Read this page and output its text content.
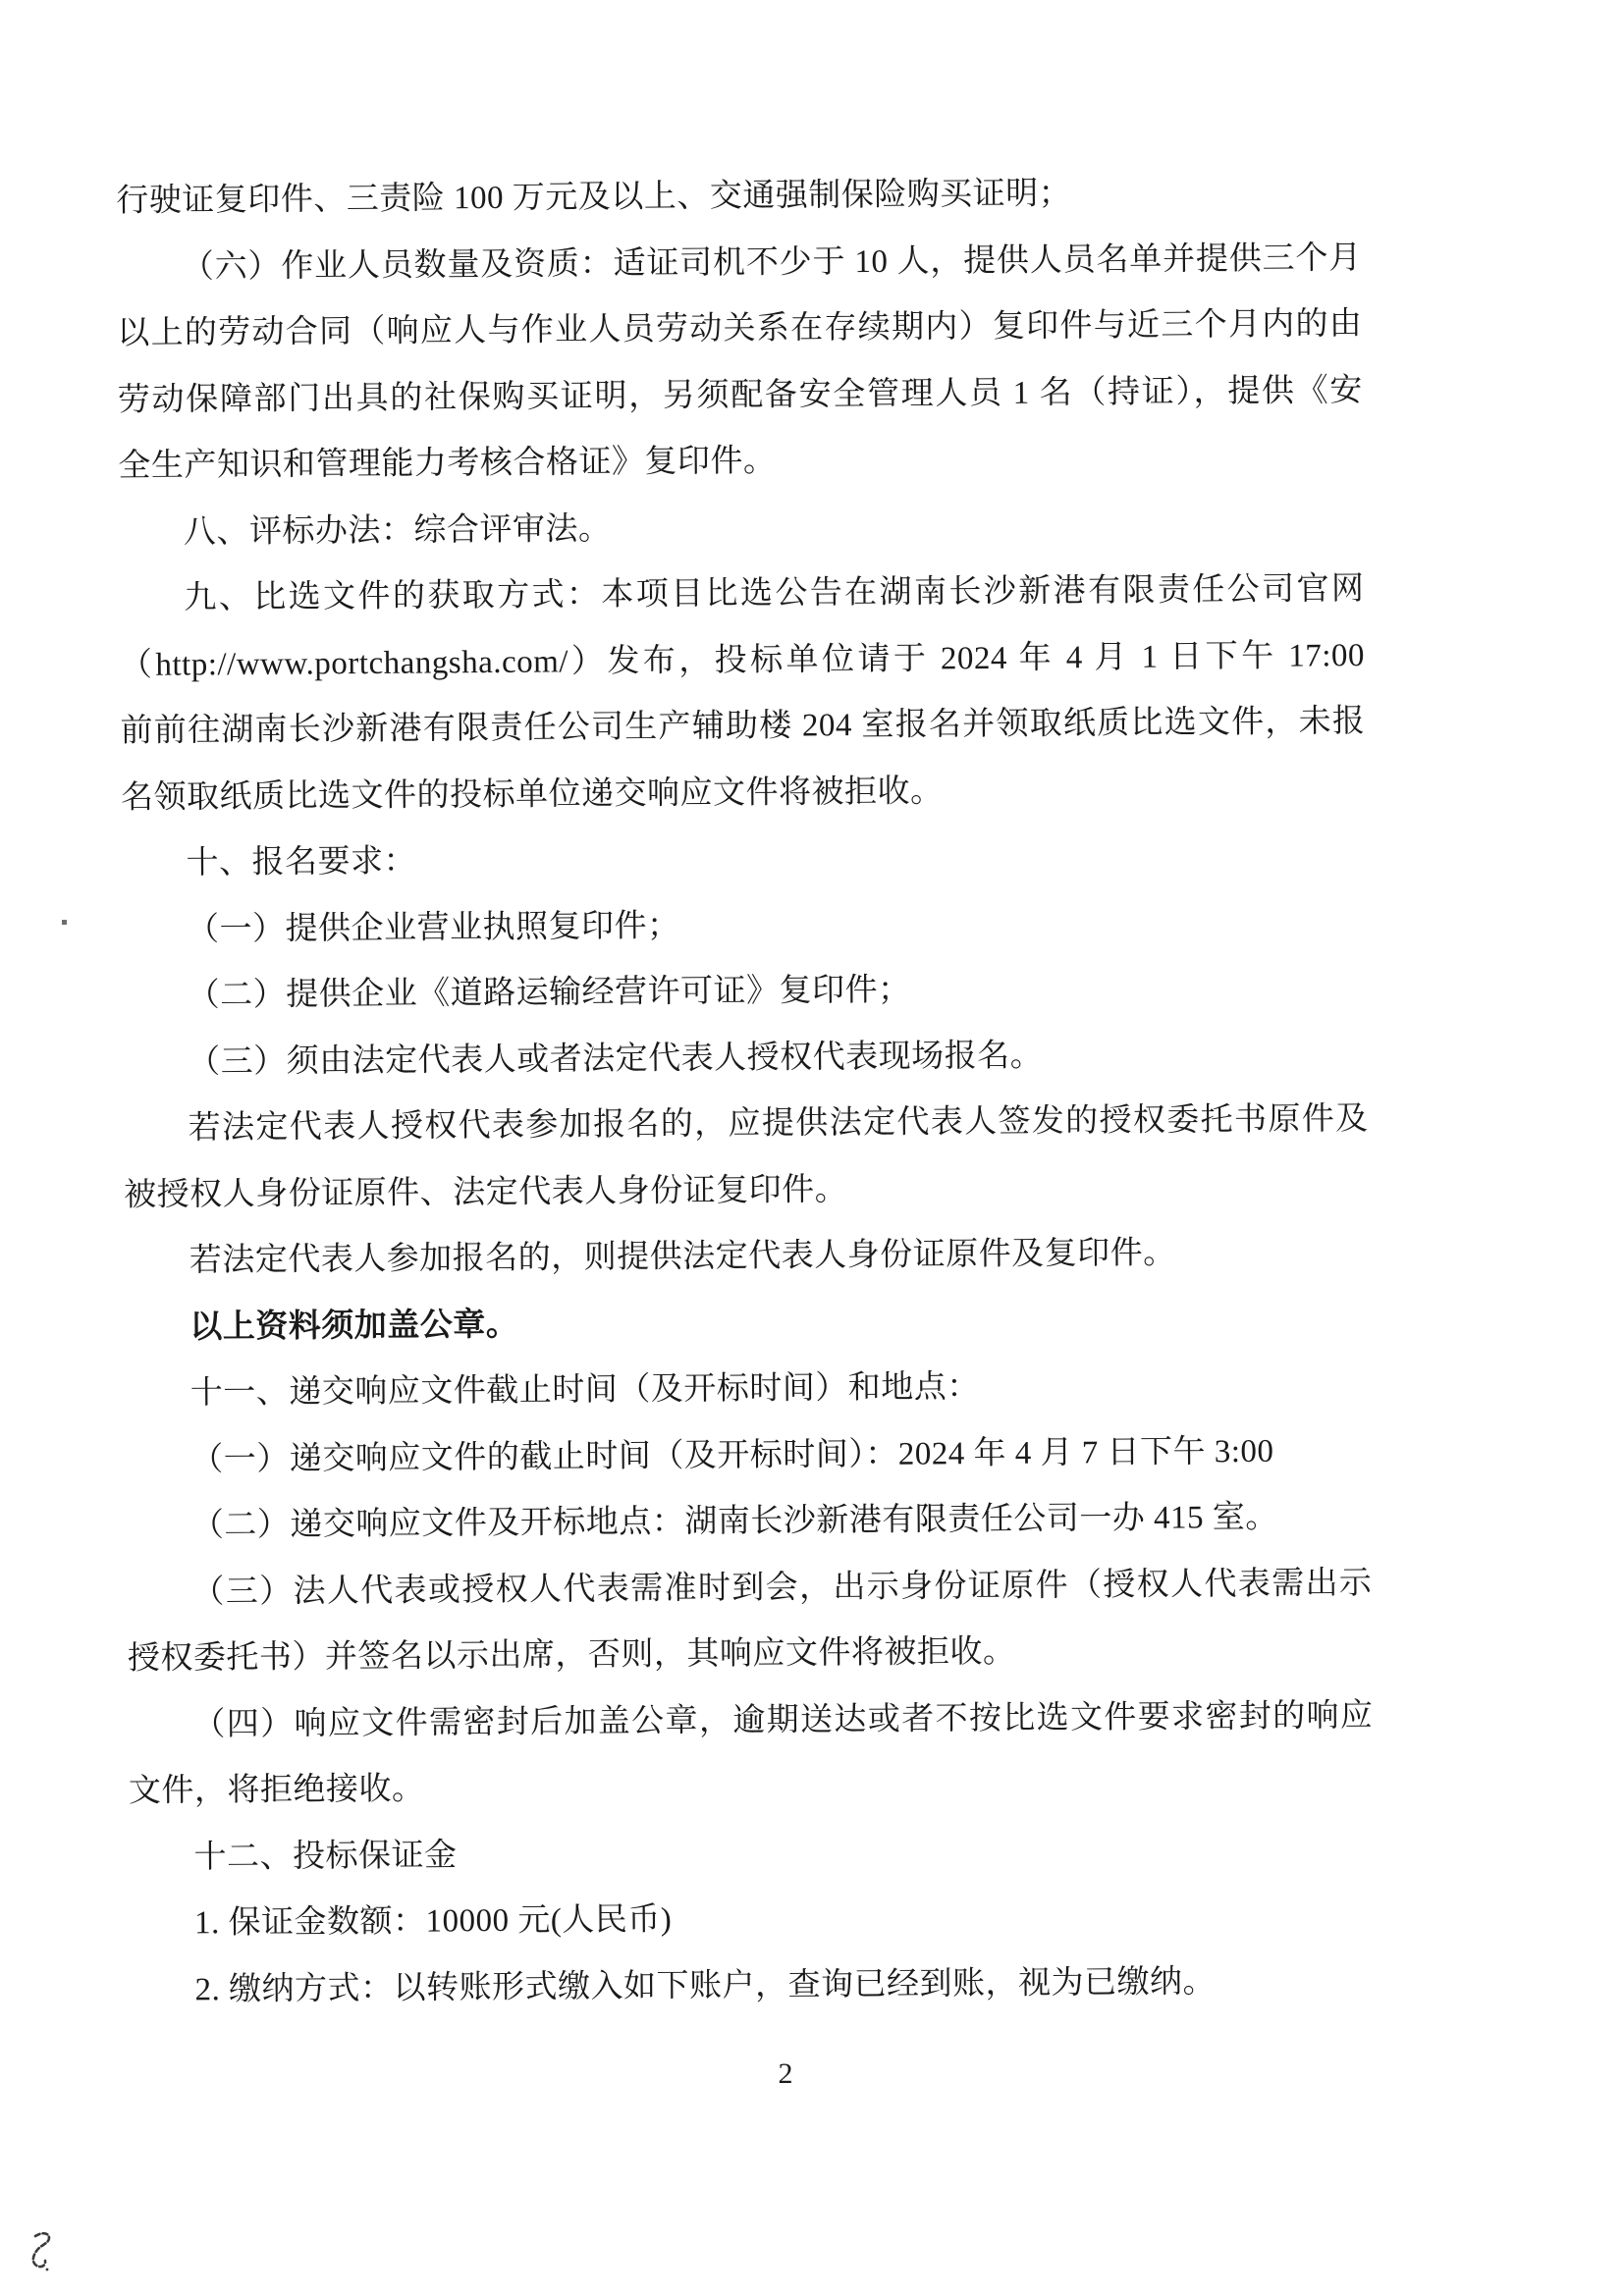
行驶证复印件、三责险 100 万元及以上、交通强制保险购买证明；
（六）作业人员数量及资质：适证司机不少于 10 人，提供人员名单并提供三个月
以上的劳动合同（响应人与作业人员劳动关系在存续期内）复印件与近三个月内的由
劳动保障部门出具的社保购买证明，另须配备安全管理人员 1 名（持证），提供《安
全生产知识和管理能力考核合格证》复印件。
八、评标办法：综合评审法。
九、比选文件的获取方式：本项目比选公告在湖南长沙新港有限责任公司官网
（http://www.portchangsha.com/）发布，投标单位请于 2024 年 4 月 1 日下午 17:00
前前往湖南长沙新港有限责任公司生产辅助楼 204 室报名并领取纸质比选文件，未报
名领取纸质比选文件的投标单位递交响应文件将被拒收。
十、报名要求：
（一）提供企业营业执照复印件；
（二）提供企业《道路运输经营许可证》复印件；
（三）须由法定代表人或者法定代表人授权代表现场报名。
若法定代表人授权代表参加报名的，应提供法定代表人签发的授权委托书原件及
被授权人身份证原件、法定代表人身份证复印件。
若法定代表人参加报名的，则提供法定代表人身份证原件及复印件。
以上资料须加盖公章。
十一、递交响应文件截止时间（及开标时间）和地点：
（一）递交响应文件的截止时间（及开标时间）：2024 年 4 月 7 日下午 3:00
（二）递交响应文件及开标地点：湖南长沙新港有限责任公司一办 415 室。
（三）法人代表或授权人代表需准时到会，出示身份证原件（授权人代表需出示
授权委托书）并签名以示出席，否则，其响应文件将被拒收。
（四）响应文件需密封后加盖公章，逾期送达或者不按比选文件要求密封的响应
文件，将拒绝接收。
十二、投标保证金
1. 保证金数额：10000 元(人民币)
2. 缴纳方式：以转账形式缴入如下账户，查询已经到账，视为已缴纳。
2
